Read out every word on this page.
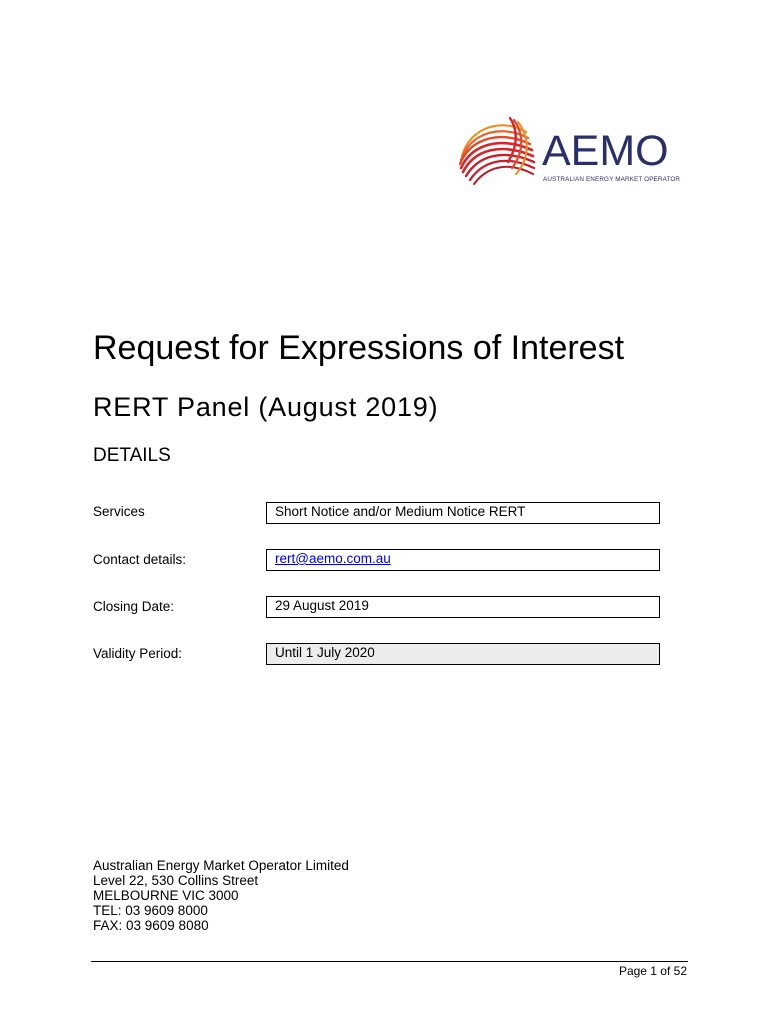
AEMO
AUSTRALIAN ENERGY MARKET OPERATOR
Request for Expressions of Interest
RERT Panel (August 2019)
DETAILS
Services	Short Notice and/or Medium Notice RERT
Contact details:	rert@aemo.com.au
Closing Date:	29 August 2019
Validity Period:	Until 1 July 2020
Australian Energy Market Operator Limited
Level 22, 530 Collins Street
MELBOURNE VIC 3000
TEL: 03 9609 8000
FAX: 03 9609 8080
Page 1 of 52
